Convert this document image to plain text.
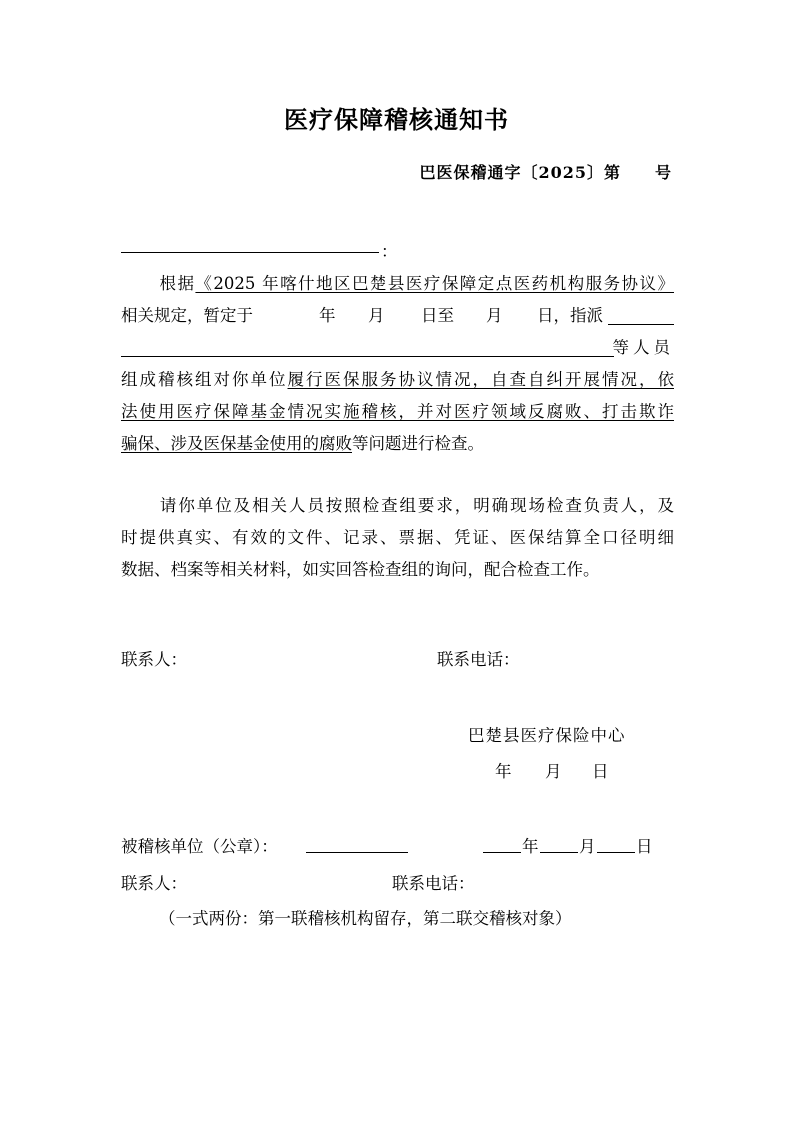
医疗保障稽核通知书
巴医保稽通字〔2025〕第　　号
：
根据《2025 年喀什地区巴楚县医疗保障定点医药机构服务协议》
相关规定，暂定于	年 月 日至 月 日，指派
等人员
组成稽核组对你单位履行医保服务协议情况，自查自纠开展情况，依
法使用医疗保障基金情况实施稽核，并对医疗领域反腐败、打击欺诈
骗保、涉及医保基金使用的腐败等问题进行检查。
请你单位及相关人员按照检查组要求，明确现场检查负责人，及
时提供真实、有效的文件、记录、票据、凭证、医保结算全口径明细
数据、档案等相关材料，如实回答检查组的询问，配合检查工作。
联系人：	联系电话：
巴楚县医疗保险中心
年 月 日
被稽核单位（公章）：	年 月 日
联系人：	联系电话：
（一式两份：第一联稽核机构留存，第二联交稽核对象）
